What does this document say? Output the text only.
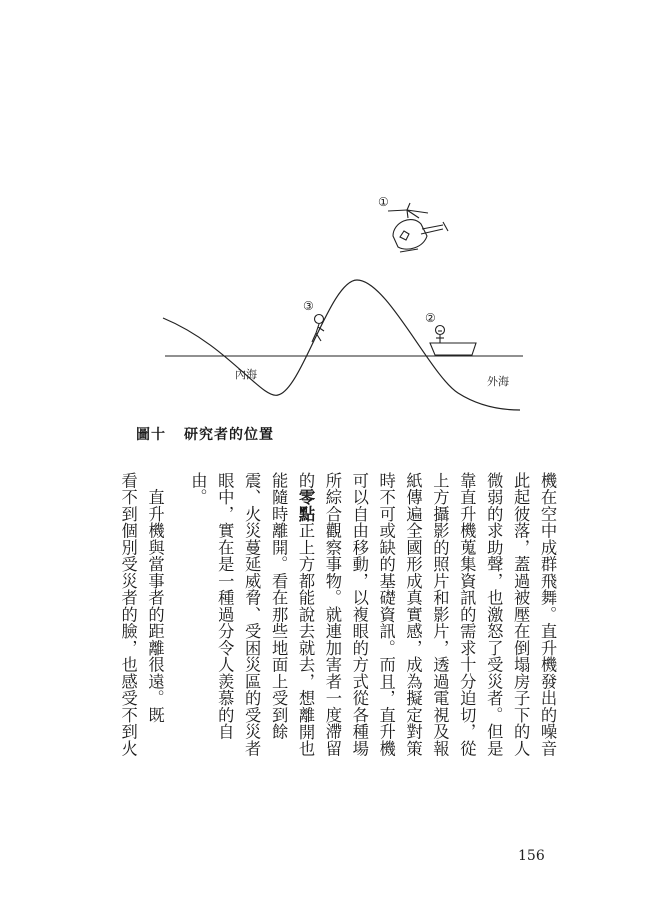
①
②
③
內海
外海
圖十 研究者的位置
機在空中成群飛舞。直升機發出的噪音
此起彼落，蓋過被壓在倒塌房子下的人
微弱的求助聲，也激怒了受災者。但是
靠直升機蒐集資訊的需求十分迫切，從
上方攝影的照片和影片，透過電視及報
紙傳遍全國形成真實感，成為擬定對策
時不可或缺的基礎資訊。而且，直升機
可以自由移動，以複眼的方式從各種場
所綜合觀察事物。就連加害者一度滯留
的零點正上方都能說去就去，想離開也
能隨時離開。看在那些地面上受到餘
震、火災蔓延威脅、受困災區的受災者
眼中，實在是一種過分令人羨慕的自
由。
　直升機與當事者的距離很遠。既
看不到個別受災者的臉，也感受不到火
156
